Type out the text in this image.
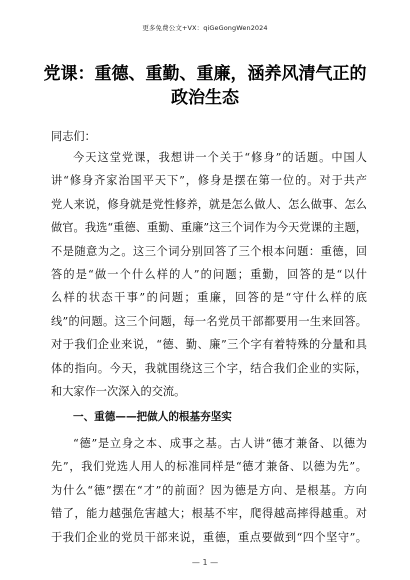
更多免费公文+VX：qiGeGongWen2024
党课：重德、重勤、重廉，涵养风清气正的
政治生态
同志们：
今天这堂党课，我想讲一个关于“修身”的话题。中国人
讲“修身齐家治国平天下”，修身是摆在第一位的。对于共产
党人来说，修身就是党性修养，就是怎么做人、怎么做事、怎么
做官。我选“重德、重勤、重廉”这三个词作为今天党课的主题，
不是随意为之。这三个词分别回答了三个根本问题：重德，回
答的是“做一个什么样的人”的问题；重勤，回答的是“以什
么样的状态干事”的问题；重廉，回答的是“守什么样的底
线”的问题。这三个问题，每一名党员干部都要用一生来回答。
对于我们企业来说，“德、勤、廉”三个字有着特殊的分量和具
体的指向。今天，我就围绕这三个字，结合我们企业的实际，
和大家作一次深入的交流。
一、重德——把做人的根基夯坚实
“德”是立身之本、成事之基。古人讲“德才兼备、以德为
先”，我们党选人用人的标准同样是“德才兼备、以德为先”。
为什么“德”摆在“才”的前面？因为德是方向、是根基。方向
错了，能力越强危害越大；根基不牢，爬得越高摔得越重。对
于我们企业的党员干部来说，重德，重点要做到“四个坚守”。
— 1 —
